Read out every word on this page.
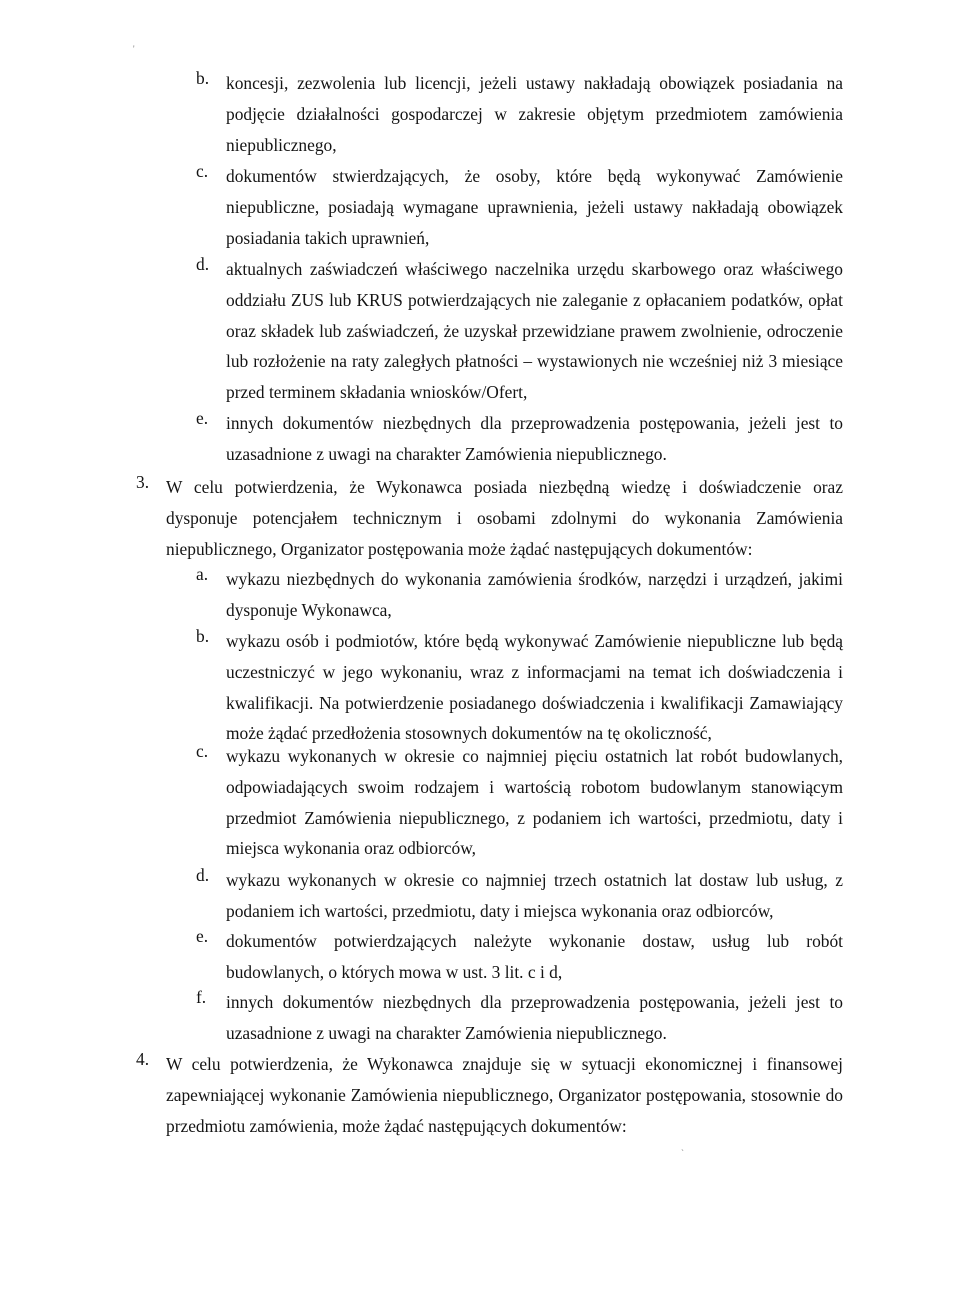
'
b. koncesji, zezwolenia lub licencji, jeżeli ustawy nakładają obowiązek posiadania na podjęcie działalności gospodarczej w zakresie objętym przedmiotem zamówienia niepublicznego,
c. dokumentów stwierdzających, że osoby, które będą wykonywać Zamówienie niepubliczne, posiadają wymagane uprawnienia, jeżeli ustawy nakładają obowiązek posiadania takich uprawnień,
d. aktualnych zaświadczeń właściwego naczelnika urzędu skarbowego oraz właściwego oddziału ZUS lub KRUS potwierdzających nie zaleganie z opłacaniem podatków, opłat oraz składek lub zaświadczeń, że uzyskał przewidziane prawem zwolnienie, odroczenie lub rozłożenie na raty zaległych płatności – wystawionych nie wcześniej niż 3 miesiące przed terminem składania wniosków/Ofert,
e. innych dokumentów niezbędnych dla przeprowadzenia postępowania, jeżeli jest to uzasadnione z uwagi na charakter Zamówienia niepublicznego.
3. W celu potwierdzenia, że Wykonawca posiada niezbędną wiedzę i doświadczenie oraz dysponuje potencjałem technicznym i osobami zdolnymi do wykonania Zamówienia niepublicznego, Organizator postępowania może żądać następujących dokumentów:
a. wykazu niezbędnych do wykonania zamówienia środków, narzędzi i urządzeń, jakimi dysponuje Wykonawca,
b. wykazu osób i podmiotów, które będą wykonywać Zamówienie niepubliczne lub będą uczestniczyć w jego wykonaniu, wraz z informacjami na temat ich doświadczenia i kwalifikacji. Na potwierdzenie posiadanego doświadczenia i kwalifikacji Zamawiający może żądać przedłożenia stosownych dokumentów na tę okoliczność,
c. wykazu wykonanych w okresie co najmniej pięciu ostatnich lat robót budowlanych, odpowiadających swoim rodzajem i wartością robotom budowlanym stanowiącym przedmiot Zamówienia niepublicznego, z podaniem ich wartości, przedmiotu, daty i miejsca wykonania oraz odbiorców,
d. wykazu wykonanych w okresie co najmniej trzech ostatnich lat dostaw lub usług, z podaniem ich wartości, przedmiotu, daty i miejsca wykonania oraz odbiorców,
e. dokumentów potwierdzających należyte wykonanie dostaw, usług lub robót budowlanych, o których mowa w ust. 3 lit. c i d,
f. innych dokumentów niezbędnych dla przeprowadzenia postępowania, jeżeli jest to uzasadnione z uwagi na charakter Zamówienia niepublicznego.
4. W celu potwierdzenia, że Wykonawca znajduje się w sytuacji ekonomicznej i finansowej zapewniającej wykonanie Zamówienia niepublicznego, Organizator postępowania, stosownie do przedmiotu zamówienia, może żądać następujących dokumentów:
`
